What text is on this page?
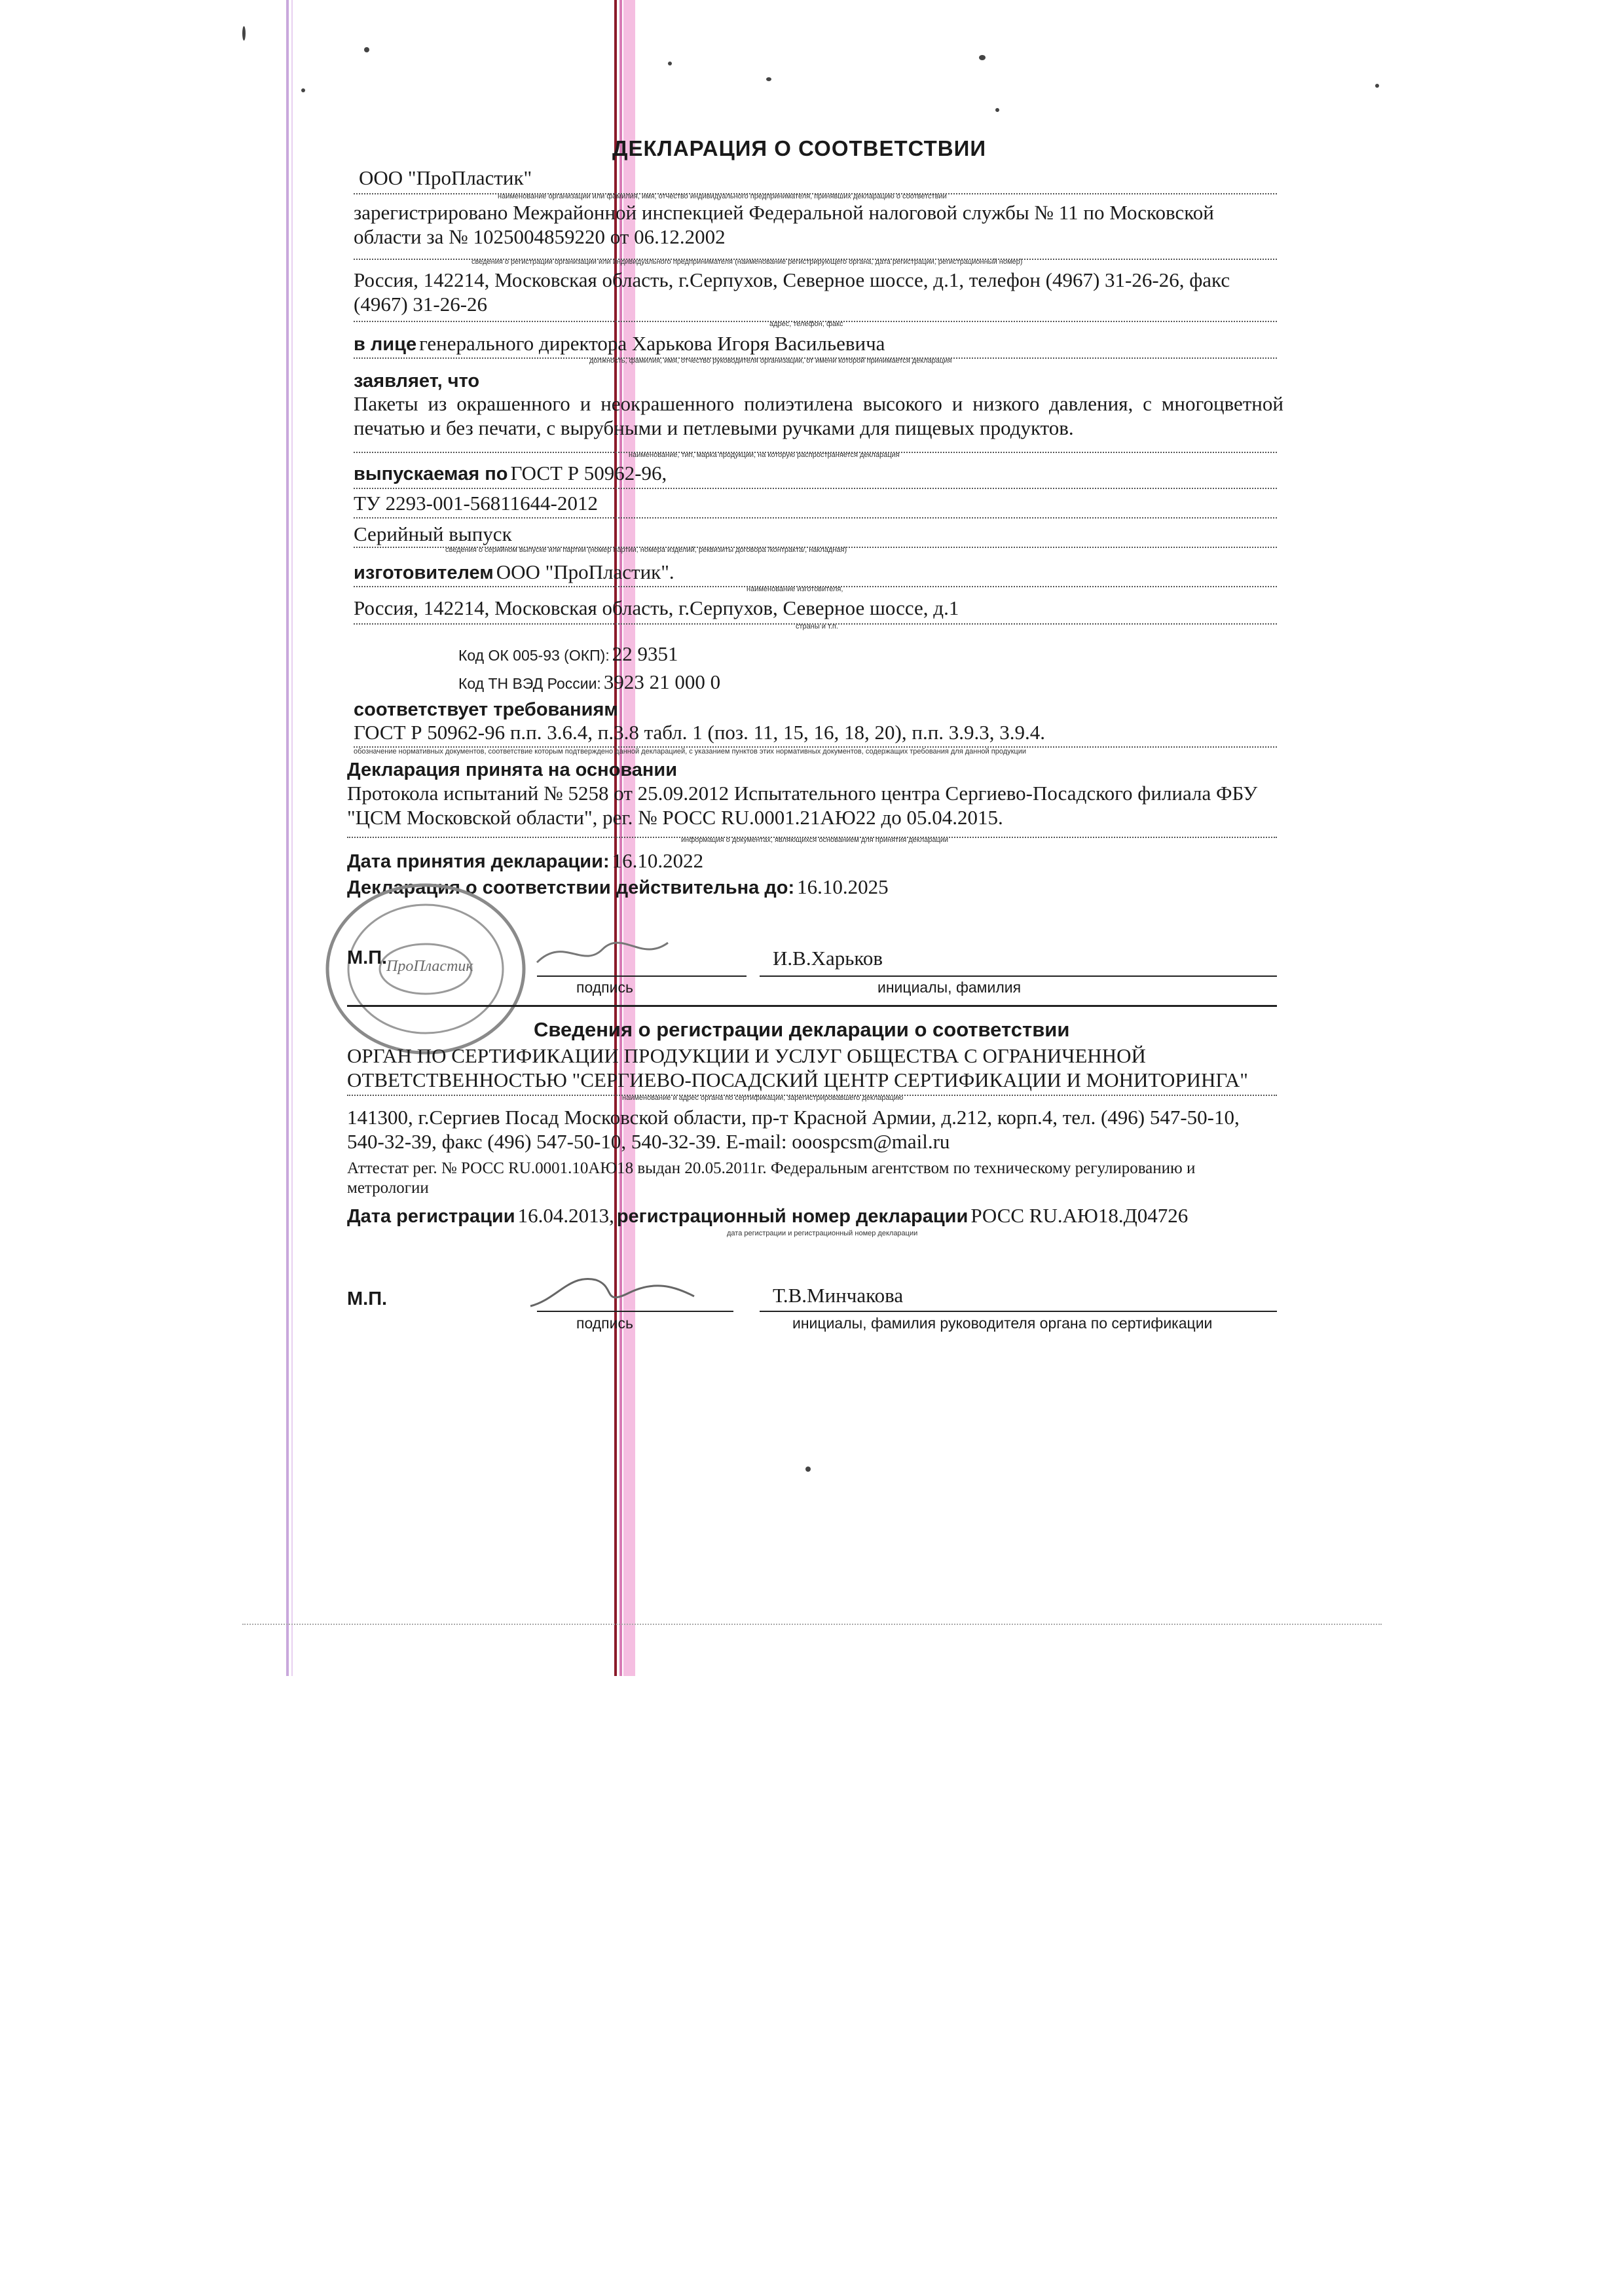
ДЕКЛАРАЦИЯ О СООТВЕТСТВИИ
ООО "ПроПластик"
наименование организации или фамилия, имя, отчество индивидуального предпринимателя, принявших декларацию о соответствии
зарегистрировано Межрайонной инспекцией Федеральной налоговой службы № 11 по Московской области за № 1025004859220 от 06.12.2002
сведения о регистрации организации или индивидуального предпринимателя (наименование регистрирующего органа, дата регистрации, регистрационный номер)
Россия, 142214, Московская область, г.Серпухов, Северное шоссе, д.1, телефон (4967) 31-26-26, факс (4967) 31-26-26
адрес, телефон, факс
в лице генерального директора Харькова Игоря Васильевича
должность, фамилия, имя, отчество руководителя организации, от имени которой принимается декларация
заявляет, что
Пакеты из окрашенного и неокрашенного полиэтилена высокого и низкого давления, с многоцветной печатью и без печати, с вырубными и петлевыми ручками для пищевых продуктов.
наименование, тип, марка продукции, на которую распространяется декларация
выпускаемая по ГОСТ Р 50962-96,
ТУ 2293-001-56811644-2012
Серийный выпуск
сведения о серийном выпуске или партии (номер партии, номера изделий, реквизиты договора /контракта/, накладная)
изготовителем ООО "ПроПластик".
наименование изготовителя,
Россия, 142214, Московская область, г.Серпухов, Северное шоссе, д.1
страны и т.п.
Код ОК 005-93 (ОКП): 22 9351
Код ТН ВЭД России: 3923 21 000 0
соответствует требованиям
ГОСТ Р 50962-96 п.п. 3.6.4, п.3.8 табл. 1 (поз. 11, 15, 16, 18, 20), п.п. 3.9.3, 3.9.4.
обозначение нормативных документов, соответствие которым подтверждено данной декларацией, с указанием пунктов этих нормативных документов, содержащих требования для данной продукции
Декларация принята на основании
Протокола испытаний № 5258 от 25.09.2012 Испытательного центра Сергиево-Посадского филиала ФБУ "ЦСМ Московской области", рег. № РОСС RU.0001.21АЮ22 до 05.04.2015.
информация о документах, являющихся основанием для принятия декларации
Дата принятия декларации: 16.10.2022
Декларация о соответствии действительна до: 16.10.2025
ПроПластик
М.П.
подпись
И.В.Харьков
инициалы, фамилия
Сведения о регистрации декларации о соответствии
ОРГАН ПО СЕРТИФИКАЦИИ ПРОДУКЦИИ И УСЛУГ ОБЩЕСТВА С ОГРАНИЧЕННОЙ ОТВЕТСТВЕННОСТЬЮ "СЕРГИЕВО-ПОСАДСКИЙ ЦЕНТР СЕРТИФИКАЦИИ И МОНИТОРИНГА"
наименование и адрес органа по сертификации, зарегистрировавшего декларацию
141300, г.Сергиев Посад Московской области, пр-т Красной Армии, д.212, корп.4, тел. (496) 547-50-10, 540-32-39, факс (496) 547-50-10, 540-32-39. E-mail: ooospcsm@mail.ru
Аттестат рег. № РОСС RU.0001.10АЮ18 выдан 20.05.2011г. Федеральным агентством по техническому регулированию и метрологии
Дата регистрации 16.04.2013, регистрационный номер декларации РОСС RU.АЮ18.Д04726
дата регистрации и регистрационный номер декларации
М.П.
подпись
Т.В.Минчакова
инициалы, фамилия руководителя органа по сертификации
